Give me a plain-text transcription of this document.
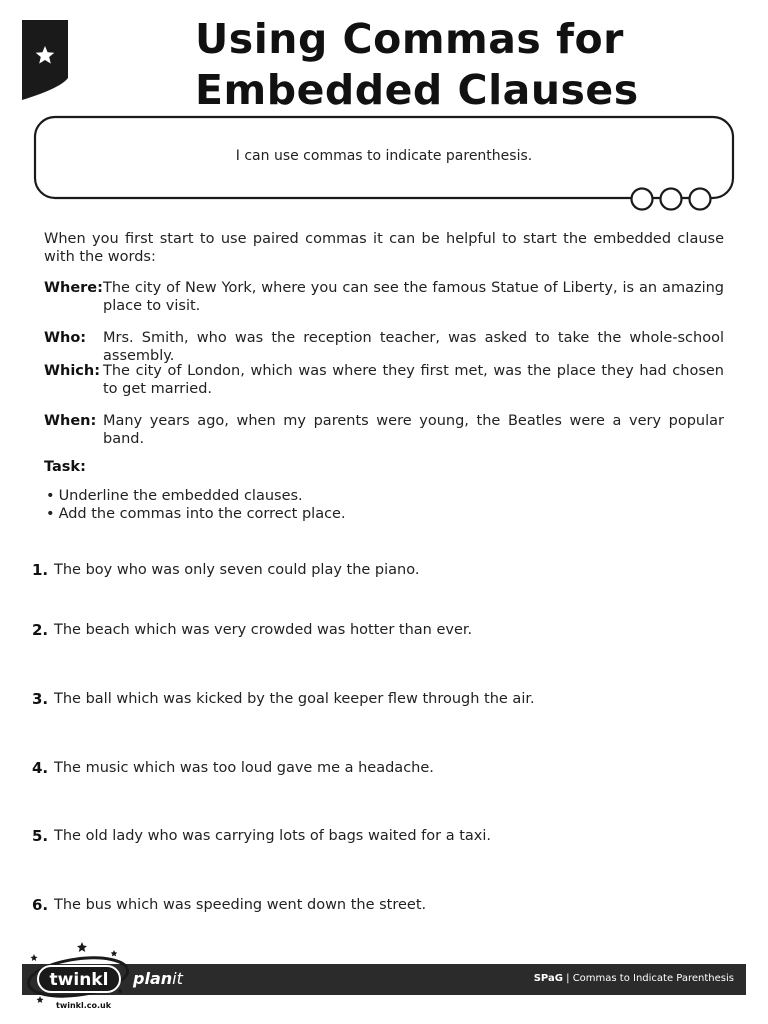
Using Commas for
Embedded Clauses
I can use commas to indicate parenthesis.
When you first start to use paired commas it can be helpful to start the embedded clause with the words:
Where: The city of New York, where you can see the famous Statue of Liberty, is an amazing place to visit.
Who:	Mrs. Smith, who was the reception teacher, was asked to take the whole-school assembly.
Which: The city of London, which was where they first met, was the place they had chosen to get married.
When: Many years ago, when my parents were young, the Beatles were a very popular band.
Task:
• Underline the embedded clauses.
• Add the commas into the correct place.
1. The boy who was only seven could play the piano.
2. The beach which was very crowded was hotter than ever.
3. The ball which was kicked by the goal keeper flew through the air.
4. The music which was too loud gave me a headache.
5. The old lady who was carrying lots of bags waited for a taxi.
6. The bus which was speeding went down the street.
twinkl
twinkl.co.uk
planit	SPaG | Commas to Indicate Parenthesis
